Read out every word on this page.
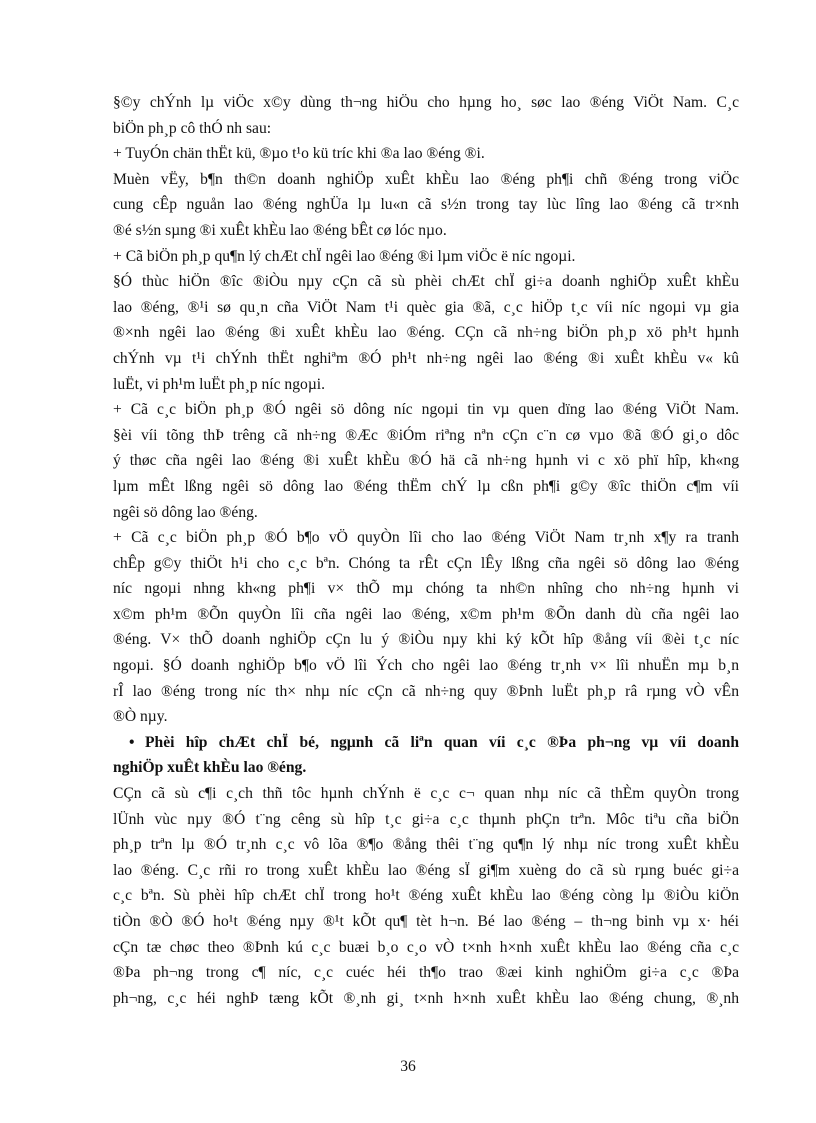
§©y chÝnh lµ viÖc x©y dùng th¬ng hiÖu cho hµng ho¸ søc lao ®éng ViÖt Nam. C¸c
biÖn ph¸p cô thÓ nh sau:
+ TuyÓn chän thËt kü, ®µo t¹o kü tríc khi ®a lao ®éng ®i.
Muèn vËy, b¶n th©n doanh nghiÖp xuÊt khÈu lao ®éng ph¶i chñ ®éng trong viÖc
cung cÊp nguån lao ®éng nghÜa lµ lu«n cã s½n trong tay lùc lîng lao ®éng cã tr×nh
®é s½n sµng ®i xuÊt khÈu lao ®éng bÊt cø lóc nµo.
+ Cã biÖn ph¸p qu¶n lý chÆt chÏ ngêi lao ®éng ®i lµm viÖc ë níc ngoµi.
§Ó thùc hiÖn ®îc ®iÒu nµy cÇn cã sù phèi chÆt chÏ gi÷a doanh nghiÖp xuÊt khÈu
lao ®éng, ®¹i sø qu¸n cña ViÖt Nam t¹i quèc gia ®ã, c¸c hiÖp t¸c víi níc ngoµi vµ gia
®×nh ngêi lao ®éng ®i xuÊt khÈu lao ®éng. CÇn cã nh÷ng biÖn ph¸p xö ph¹t hµnh
chÝnh vµ t¹i chÝnh thËt nghiªm ®Ó ph¹t nh÷ng ngêi lao ®éng ®i xuÊt khÈu v« kû
luËt, vi ph¹m luËt ph¸p níc ngoµi.
+ Cã c¸c biÖn ph¸p ®Ó ngêi sö dông níc ngoµi tin vµ quen dïng lao ®éng ViÖt Nam.
§èi víi tõng thÞ trêng cã nh÷ng ®Æc ®iÓm riªng nªn cÇn c¨n cø vµo ®ã ®Ó gi¸o dôc
ý thøc cña ngêi lao ®éng ®i xuÊt khÈu ®Ó hä cã nh÷ng hµnh vi c xö phï hîp, kh«ng
lµm mÊt lßng ngêi sö dông lao ®éng thËm chÝ lµ cßn ph¶i g©y ®îc thiÖn c¶m víi
ngêi sö dông lao ®éng.
+ Cã c¸c biÖn ph¸p ®Ó b¶o vÖ quyÒn lîi cho lao ®éng ViÖt Nam tr¸nh x¶y ra tranh
chÊp g©y thiÖt h¹i cho c¸c bªn. Chóng ta rÊt cÇn lÊy lßng cña ngêi sö dông lao ®éng
níc ngoµi nhng kh«ng ph¶i v× thÕ mµ chóng ta nh©n nhîng cho nh÷ng hµnh vi
x©m ph¹m ®Õn quyÒn lîi cña ngêi lao ®éng, x©m ph¹m ®Õn danh dù cña ngêi lao
®éng. V× thÕ doanh nghiÖp cÇn lu ý ®iÒu nµy khi ký kÕt hîp ®ång víi ®èi t¸c níc
ngoµi. §Ó doanh nghiÖp b¶o vÖ lîi Ých cho ngêi lao ®éng tr¸nh v× lîi nhuËn mµ b¸n
rÎ lao ®éng trong níc th× nhµ níc cÇn cã nh÷ng quy ®Þnh luËt ph¸p râ rµng vÒ vÊn
®Ò nµy.
• Phèi hîp chÆt chÏ bé, ngµnh cã liªn quan víi c¸c ®Þa ph¬ng vµ víi doanh
nghiÖp xuÊt khÈu lao ®éng.
CÇn cã sù c¶i c¸ch thñ tôc hµnh chÝnh ë c¸c c¬ quan nhµ níc cã thÈm quyÒn trong
lÜnh vùc nµy ®Ó t¨ng cêng sù hîp t¸c gi÷a c¸c thµnh phÇn trªn. Môc tiªu cña biÖn
ph¸p trªn lµ ®Ó tr¸nh c¸c vô lõa ®¶o ®ång thêi t¨ng qu¶n lý nhµ níc trong xuÊt khÈu
lao ®éng. C¸c rñi ro trong xuÊt khÈu lao ®éng sÏ gi¶m xuèng do cã sù rµng buéc gi÷a
c¸c bªn. Sù phèi hîp chÆt chÏ trong ho¹t ®éng xuÊt khÈu lao ®éng còng lµ ®iÒu kiÖn
tiÒn ®Ò ®Ó ho¹t ®éng nµy ®¹t kÕt qu¶ tèt h¬n. Bé lao ®éng – th¬ng binh vµ x· héi
cÇn tæ chøc theo ®Þnh kú c¸c buæi b¸o c¸o vÒ t×nh h×nh xuÊt khÈu lao ®éng cña c¸c
®Þa ph¬ng trong c¶ níc, c¸c cuéc héi th¶o trao ®æi kinh nghiÖm gi÷a c¸c ®Þa
ph¬ng, c¸c héi nghÞ tæng kÕt ®¸nh gi¸ t×nh h×nh xuÊt khÈu lao ®éng chung, ®¸nh
36
